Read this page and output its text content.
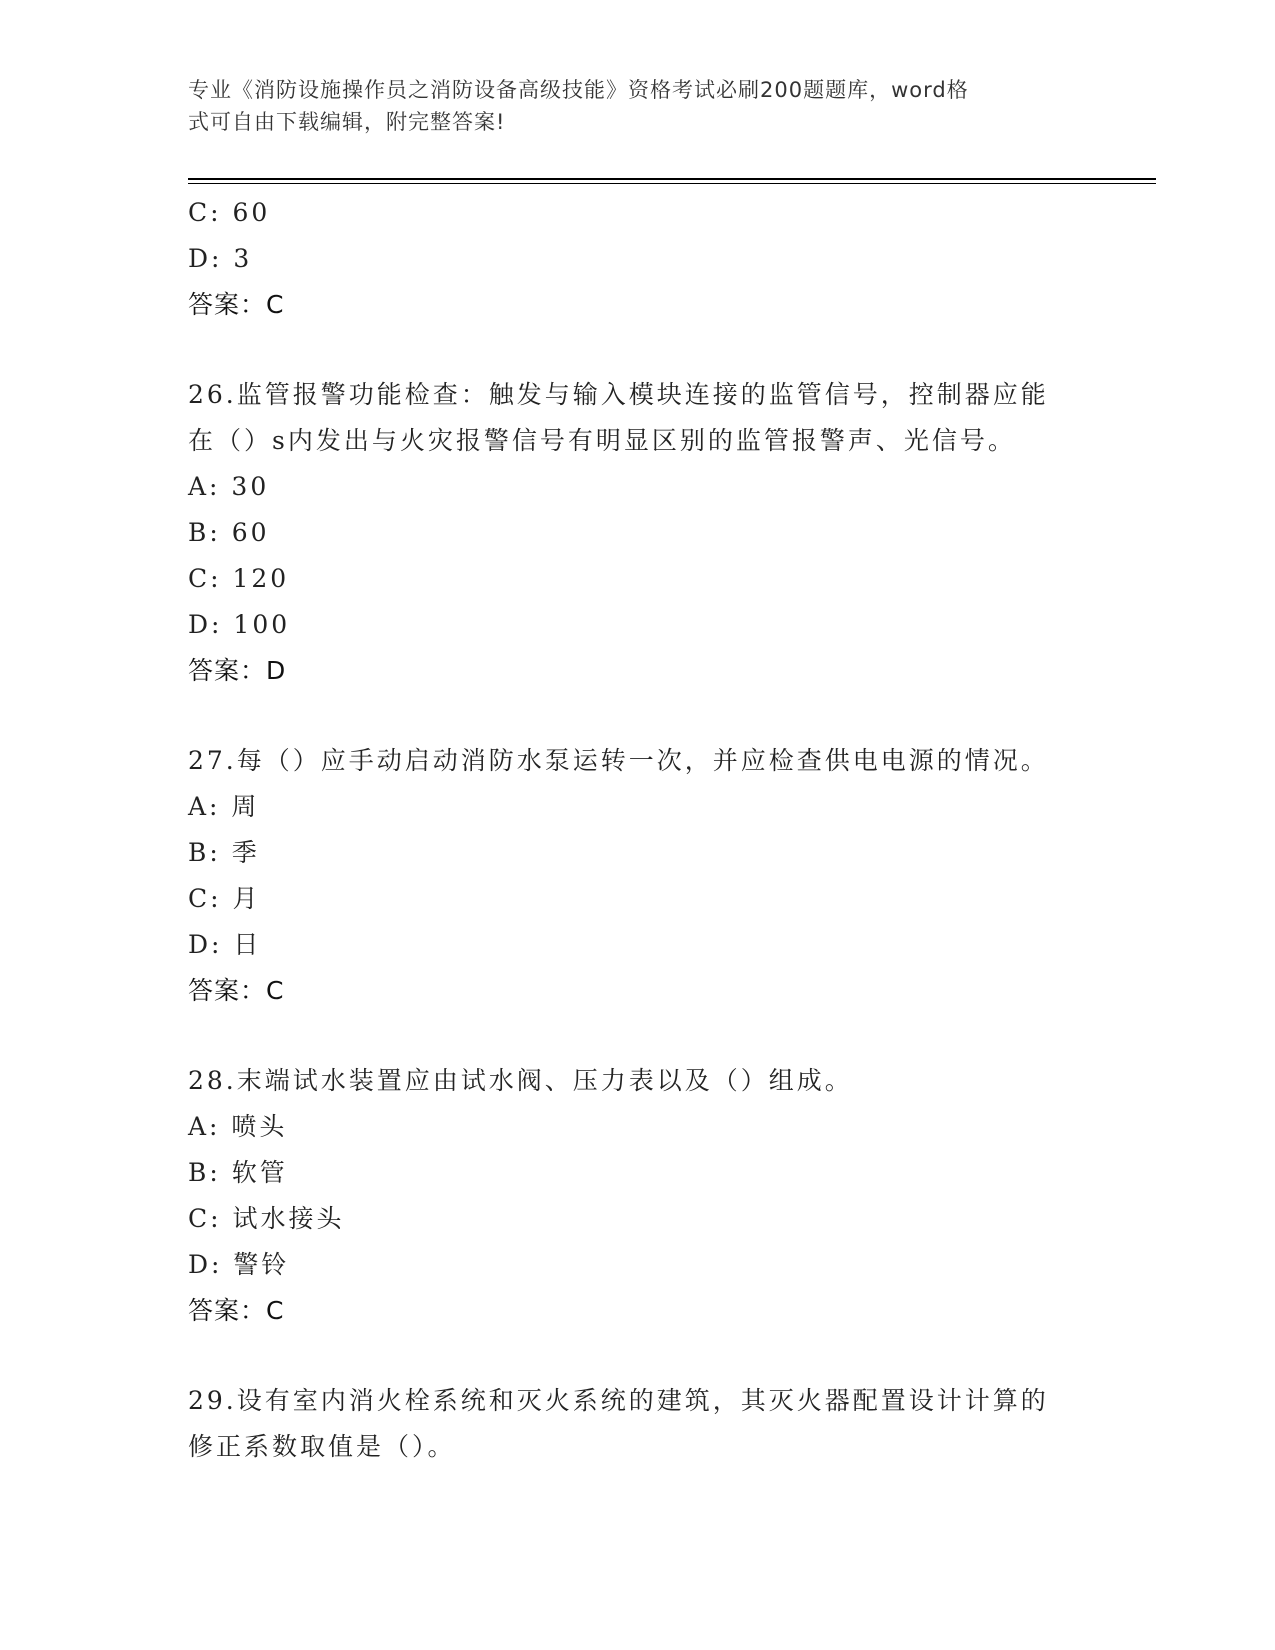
专业《消防设施操作员之消防设备高级技能》资格考试必刷200题题库，word格
式可自由下载编辑，附完整答案!
C: 60
D: 3
答案：C
26.监管报警功能检查：触发与输入模块连接的监管信号，控制器应能
在（）s内发出与火灾报警信号有明显区别的监管报警声、光信号。
A: 30
B: 60
C: 120
D: 100
答案：D
27.每（）应手动启动消防水泵运转一次，并应检查供电电源的情况。
A: 周
B: 季
C: 月
D: 日
答案：C
28.末端试水装置应由试水阀、压力表以及（）组成。
A: 喷头
B: 软管
C: 试水接头
D: 警铃
答案：C
29.设有室内消火栓系统和灭火系统的建筑，其灭火器配置设计计算的
修正系数取值是（）。
